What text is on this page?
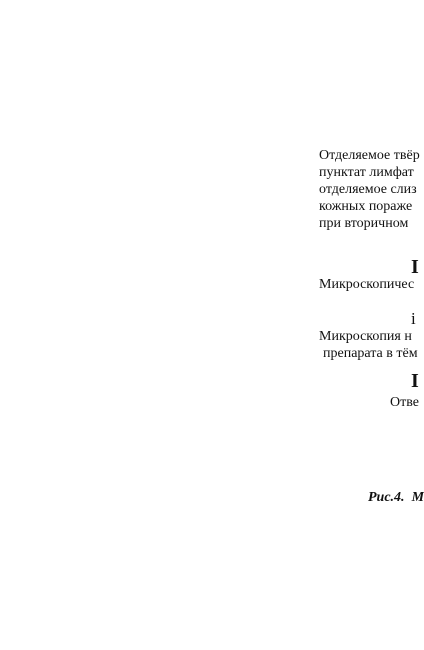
Отделяемое твёр
пунктат лимфат
отделяемое слиз
кожных пораже
при вторичном
I
Микроскопичес
i
Микроскопия н
препарата в тём
I
Отве
Рис.4. М
